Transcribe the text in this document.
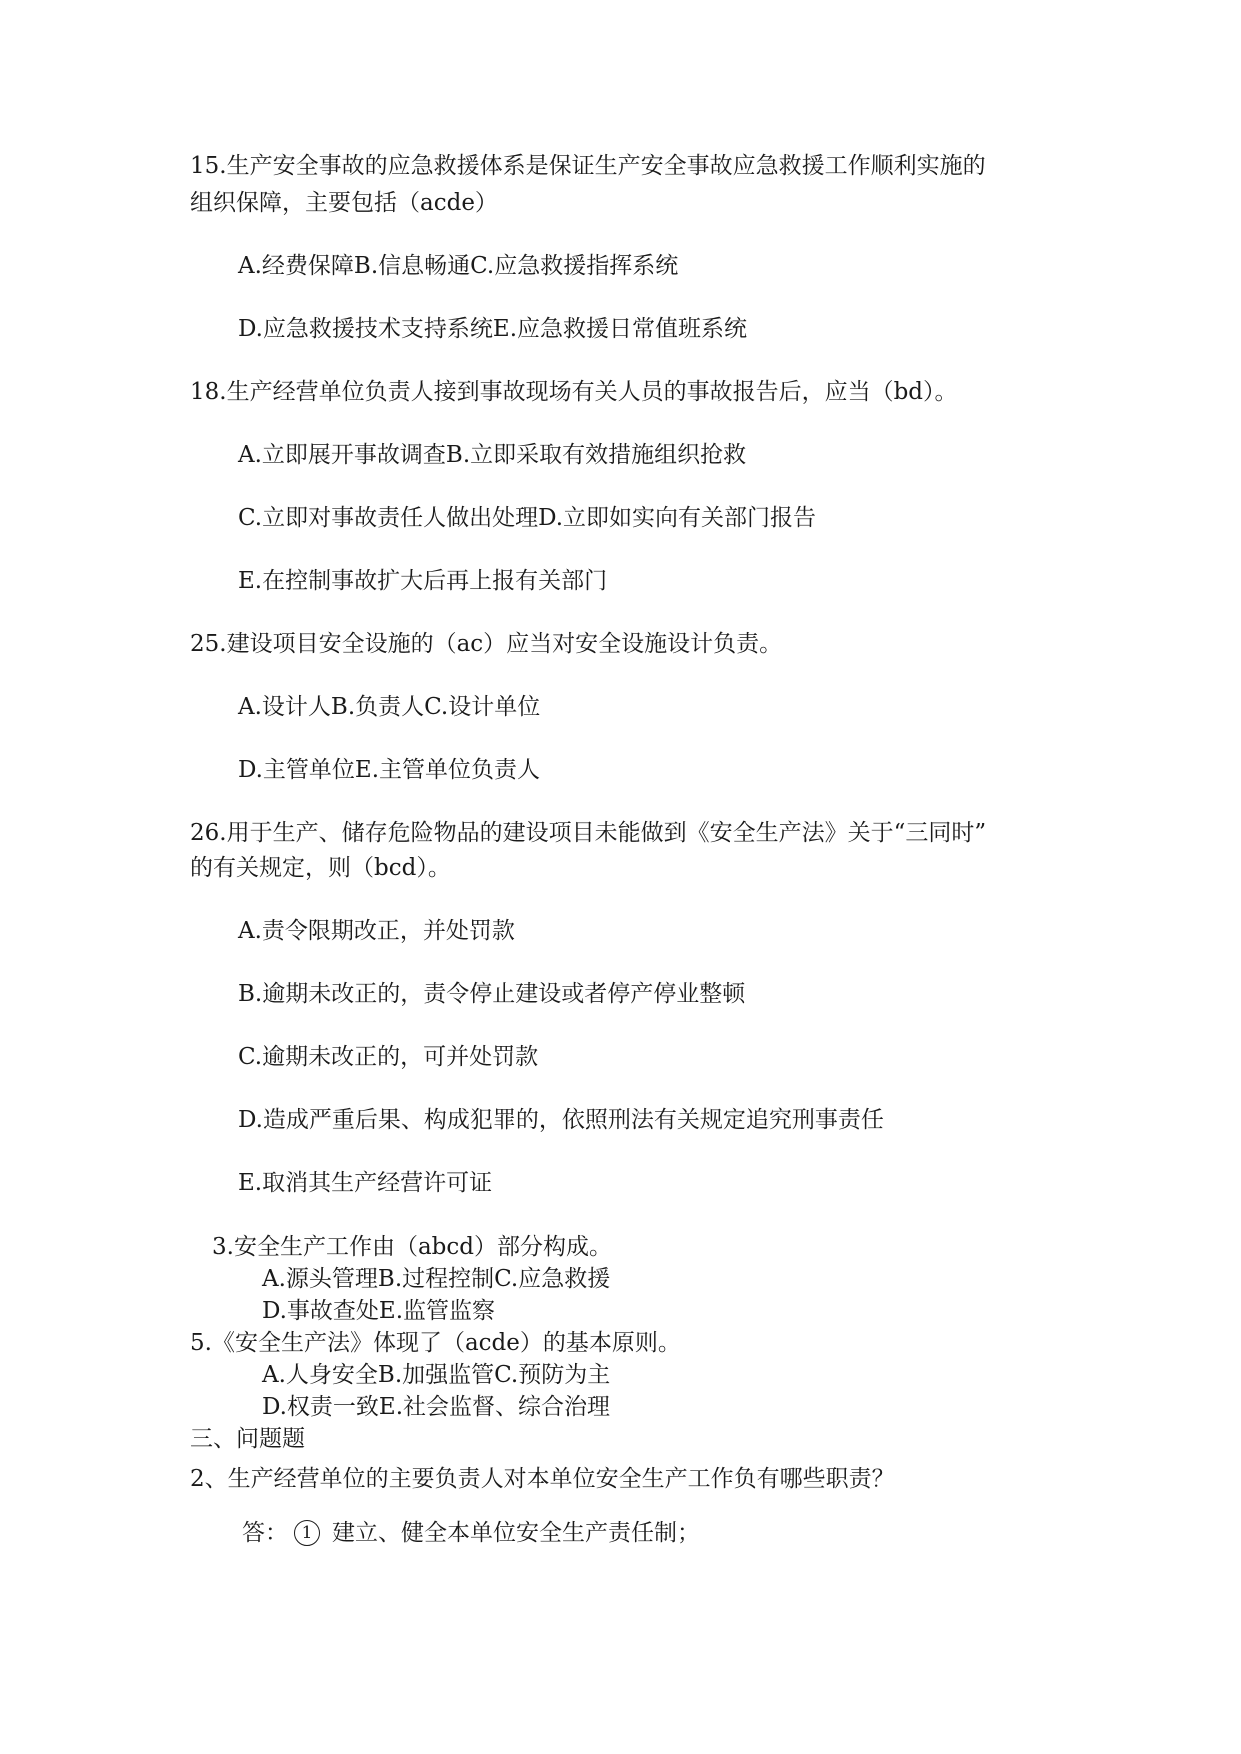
15.生产安全事故的应急救援体系是保证生产安全事故应急救援工作顺利实施的
组织保障，主要包括（acde）
A.经费保障B.信息畅通C.应急救援指挥系统
D.应急救援技术支持系统E.应急救援日常值班系统
18.生产经营单位负责人接到事故现场有关人员的事故报告后，应当（bd）。
A.立即展开事故调查B.立即采取有效措施组织抢救
C.立即对事故责任人做出处理D.立即如实向有关部门报告
E.在控制事故扩大后再上报有关部门
25.建设项目安全设施的（ac）应当对安全设施设计负责。
A.设计人B.负责人C.设计单位
D.主管单位E.主管单位负责人
26.用于生产、储存危险物品的建设项目未能做到《安全生产法》关于“三同时”
的有关规定，则（bcd）。
A.责令限期改正，并处罚款
B.逾期未改正的，责令停止建设或者停产停业整顿
C.逾期未改正的，可并处罚款
D.造成严重后果、构成犯罪的，依照刑法有关规定追究刑事责任
E.取消其生产经营许可证
3.安全生产工作由（abcd）部分构成。
A.源头管理B.过程控制C.应急救援
D.事故查处E.监管监察
5.《安全生产法》体现了（acde）的基本原则。
A.人身安全B.加强监管C.预防为主
D.权责一致E.社会监督、综合治理
三、问题题
2、生产经营单位的主要负责人对本单位安全生产工作负有哪些职责？
答： 1 建立、健全本单位安全生产责任制；
